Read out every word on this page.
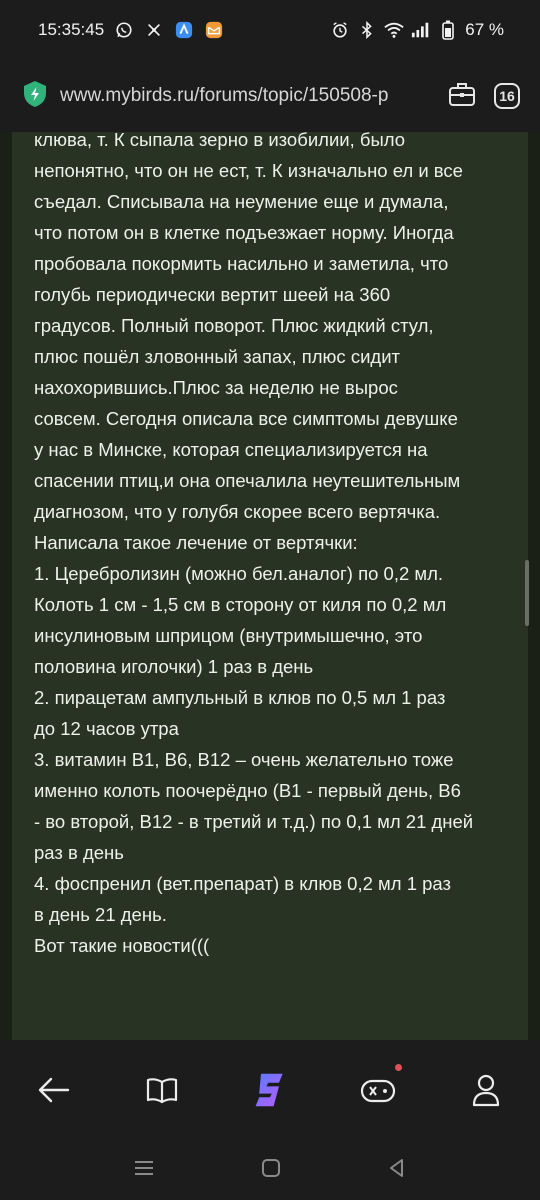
15:35:45	67 %
www.mybirds.ru/forums/topic/150508-р	16

клюва, т. К сыпала зерно в изобилии, было

непонятно, что он не ест, т. К изначально ел и все

съедал. Списывала на неумение еще и думала,

что потом он в клетке подъезжает норму. Иногда

пробовала покормить насильно и заметила, что

голубь периодически вертит шеей на 360

градусов. Полный поворот. Плюс жидкий стул,

плюс пошёл зловонный запах, плюс сидит

нахохорившись.Плюс за неделю не вырос

совсем. Сегодня описала все симптомы девушке

у нас в Минске, которая специализируется на

спасении птиц,и она опечалила неутешительным

диагнозом, что у голубя скорее всего вертячка.

Написала такое лечение от вертячки:

1. Церебролизин (можно бел.аналог) по 0,2 мл.

Колоть 1 см - 1,5 см в сторону от киля по 0,2 мл

инсулиновым шприцом (внутримышечно, это

половина иголочки) 1 раз в день

2. пирацетам ампульный в клюв по 0,5 мл 1 раз

до 12 часов утра

3. витамин В1, В6, В12 – очень желательно тоже

именно колоть поочерёдно (В1 - первый день, В6

- во второй, В12 - в третий и т.д.) по 0,1 мл 21 дней

раз в день

4. фоспренил (вет.препарат) в клюв 0,2 мл 1 раз

в день 21 день.

Вот такие новости(((
